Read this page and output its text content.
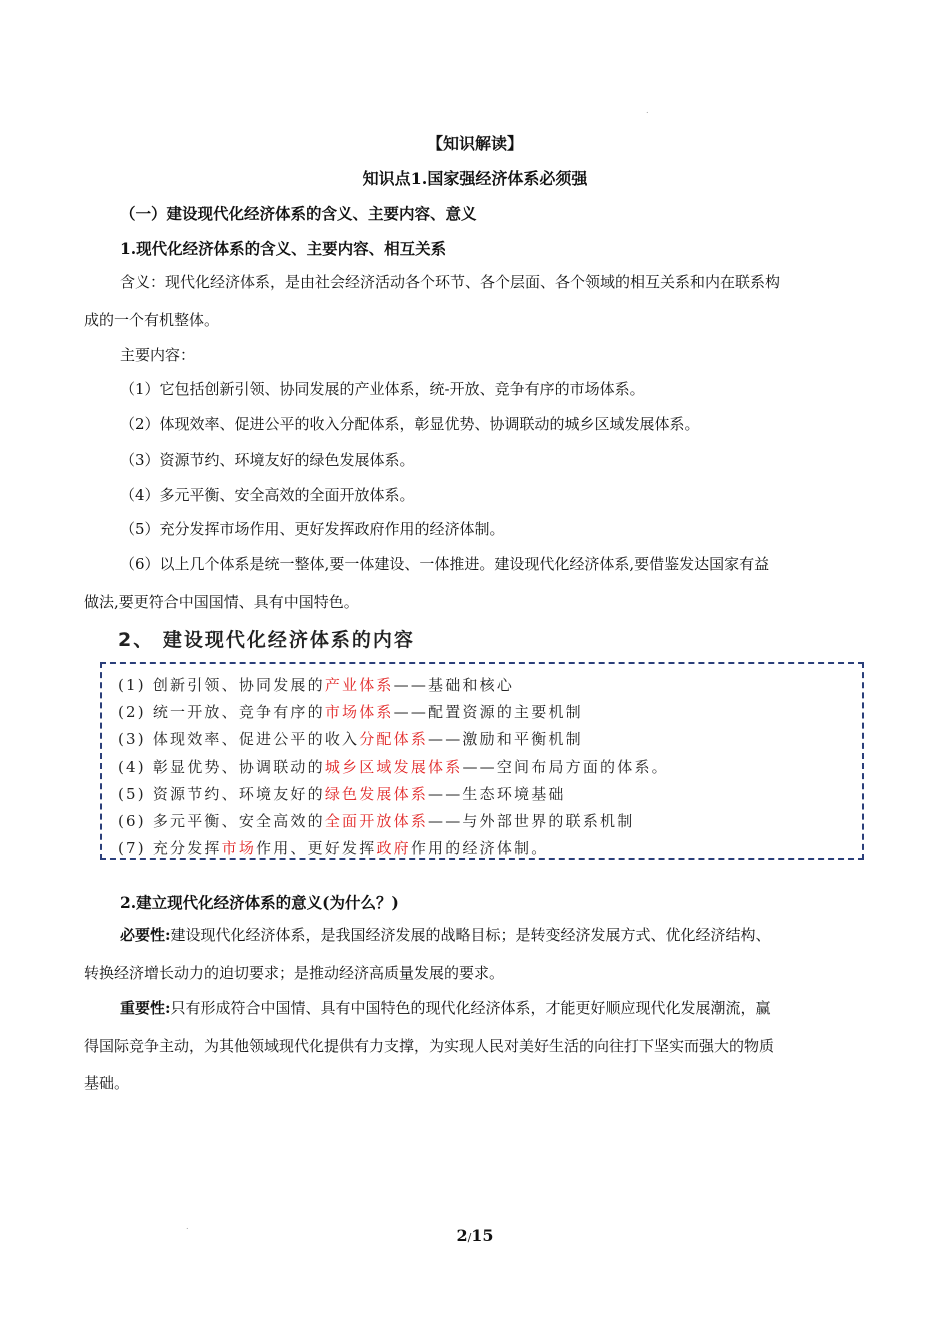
.
【知识解读】
知识点1.国家强经济体系必须强
（一）建设现代化经济体系的含义、主要内容、意义
1.现代化经济体系的含义、主要内容、相互关系
含义：现代化经济体系，是由社会经济活动各个环节、各个层面、各个领域的相互关系和内在联系构
成的一个有机整体。
主要内容：
（1）它包括创新引领、协同发展的产业体系，统-开放、竞争有序的市场体系。
（2）体现效率、促进公平的收入分配体系，彰显优势、协调联动的城乡区域发展体系。
（3）资源节约、环境友好的绿色发展体系。
（4）多元平衡、安全高效的全面开放体系。
（5）充分发挥市场作用、更好发挥政府作用的经济体制。
（6）以上几个体系是统一整体,要一体建设、一体推进。建设现代化经济体系,要借鉴发达国家有益
做法,要更符合中国国情、具有中国特色。
2、 建设现代化经济体系的内容
(1) 创新引领、协同发展的产业体系——基础和核心
(2) 统一开放、竞争有序的市场体系——配置资源的主要机制
(3) 体现效率、促进公平的收入分配体系——激励和平衡机制
(4) 彰显优势、协调联动的城乡区域发展体系——空间布局方面的体系。
(5) 资源节约、环境友好的绿色发展体系——生态环境基础
(6) 多元平衡、安全高效的全面开放体系——与外部世界的联系机制
(7) 充分发挥市场作用、更好发挥政府作用的经济体制。
2.建立现代化经济体系的意义(为什么？)
必要性:建设现代化经济体系，是我国经济发展的战略目标；是转变经济发展方式、优化经济结构、
转换经济增长动力的迫切要求；是推动经济高质量发展的要求。
重要性:只有形成符合中国情、具有中国特色的现代化经济体系，才能更好顺应现代化发展潮流，赢
得国际竞争主动，为其他领域现代化提供有力支撑，为实现人民对美好生活的向往打下坚实而强大的物质
基础。
.	2/15
